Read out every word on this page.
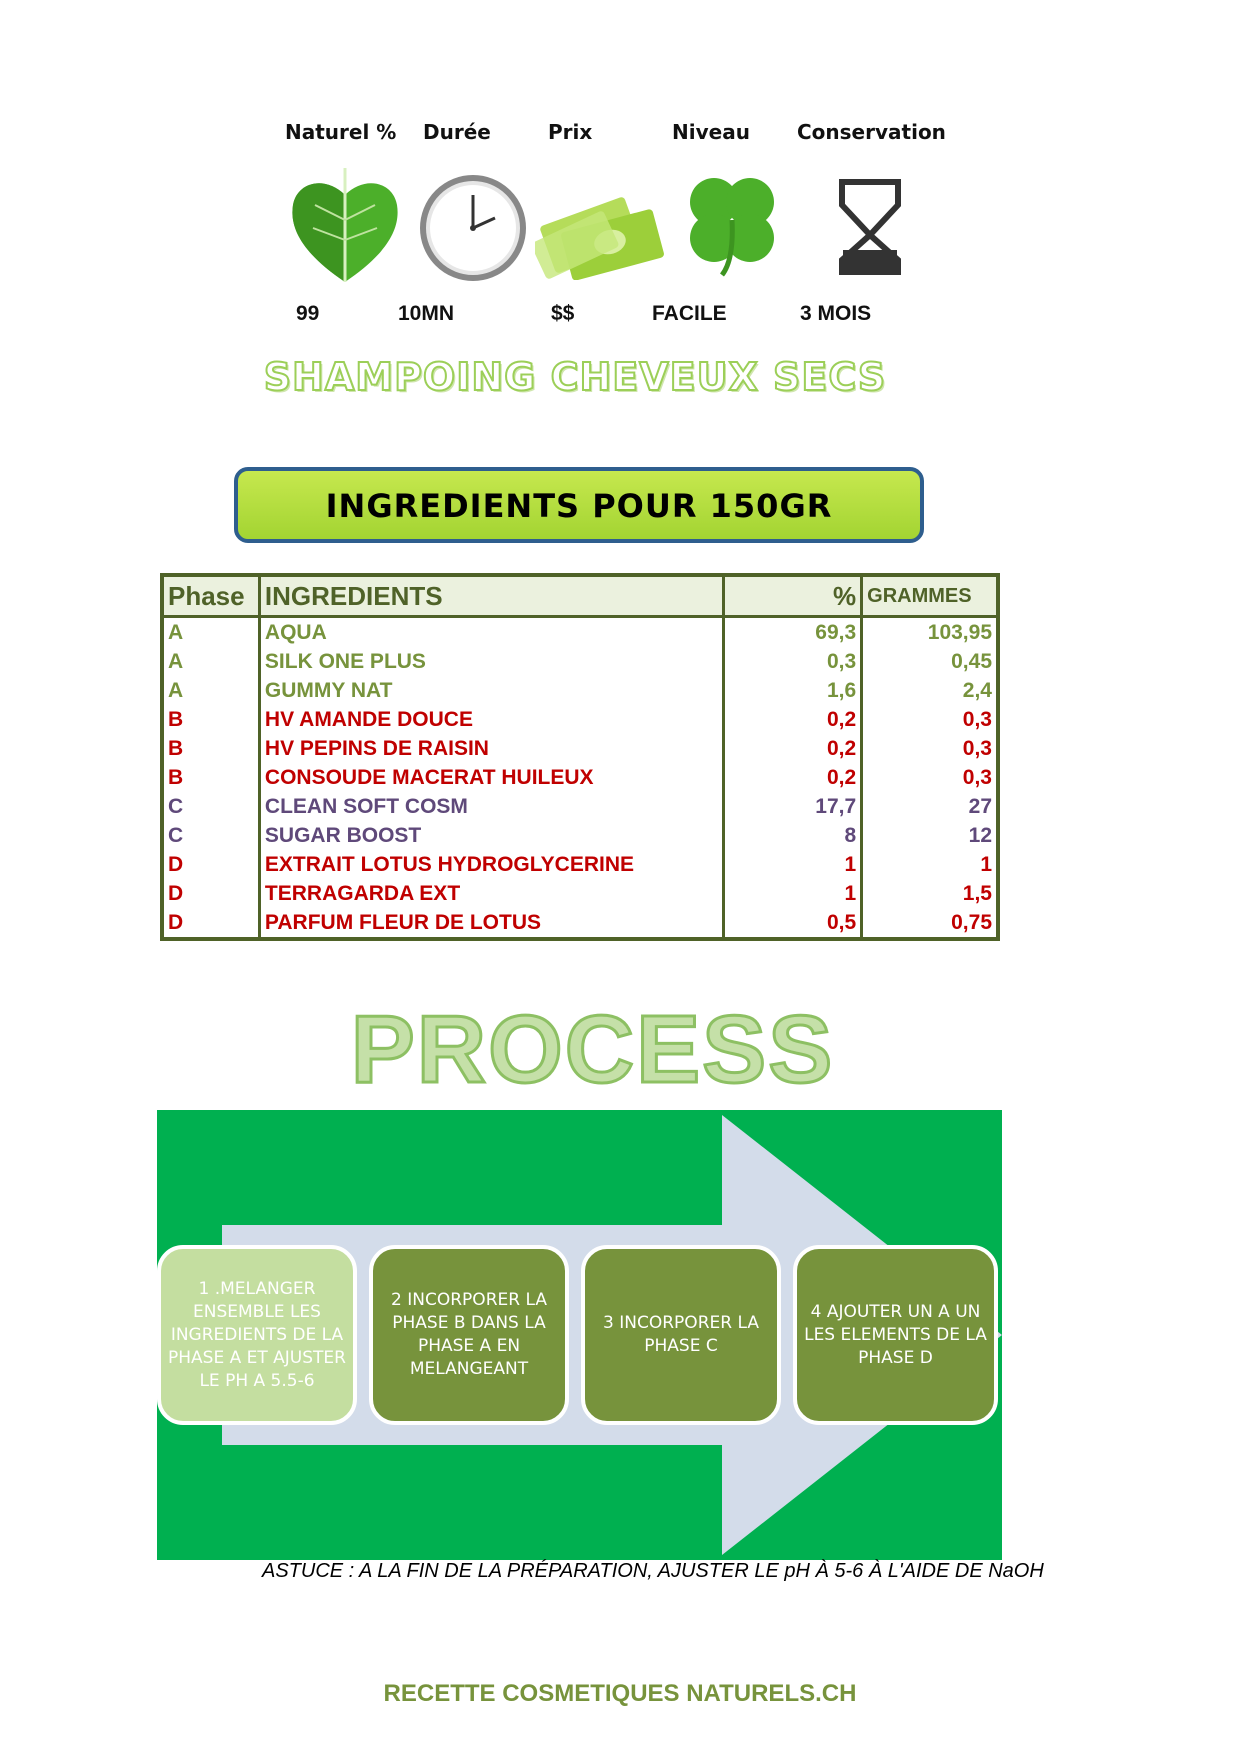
Naturel % Durée	Prix	Niveau Conservation
99	10MN	$$	FACILE	3 MOIS
SHAMPOING CHEVEUX SECS
INGREDIENTS POUR 150GR
Phase	INGREDIENTS	%	GRAMMES
A	AQUA	69,3	103,95
A	SILK ONE PLUS	0,3	0,45
A	GUMMY NAT	1,6	2,4
B	HV AMANDE DOUCE	0,2	0,3
B	HV PEPINS DE RAISIN	0,2	0,3
B	CONSOUDE MACERAT HUILEUX	0,2	0,3
C	CLEAN SOFT COSM	17,7	27
C	SUGAR BOOST	8	12
D	EXTRAIT LOTUS HYDROGLYCERINE	1	1
D	TERRAGARDA EXT	1	1,5
D	PARFUM FLEUR DE LOTUS	0,5	0,75
PROCESS
1 .MELANGER ENSEMBLE LES INGREDIENTS DE LA PHASE A ET AJUSTER LE PH A 5.5-6
2 INCORPORER LA PHASE B DANS LA PHASE A EN MELANGEANT
3 INCORPORER LA PHASE C
4 AJOUTER UN A UN LES ELEMENTS DE LA PHASE D
ASTUCE : A LA FIN DE LA PRÉPARATION, AJUSTER LE pH À 5-6 À L'AIDE DE NaOH
RECETTE COSMETIQUES NATURELS.CH
